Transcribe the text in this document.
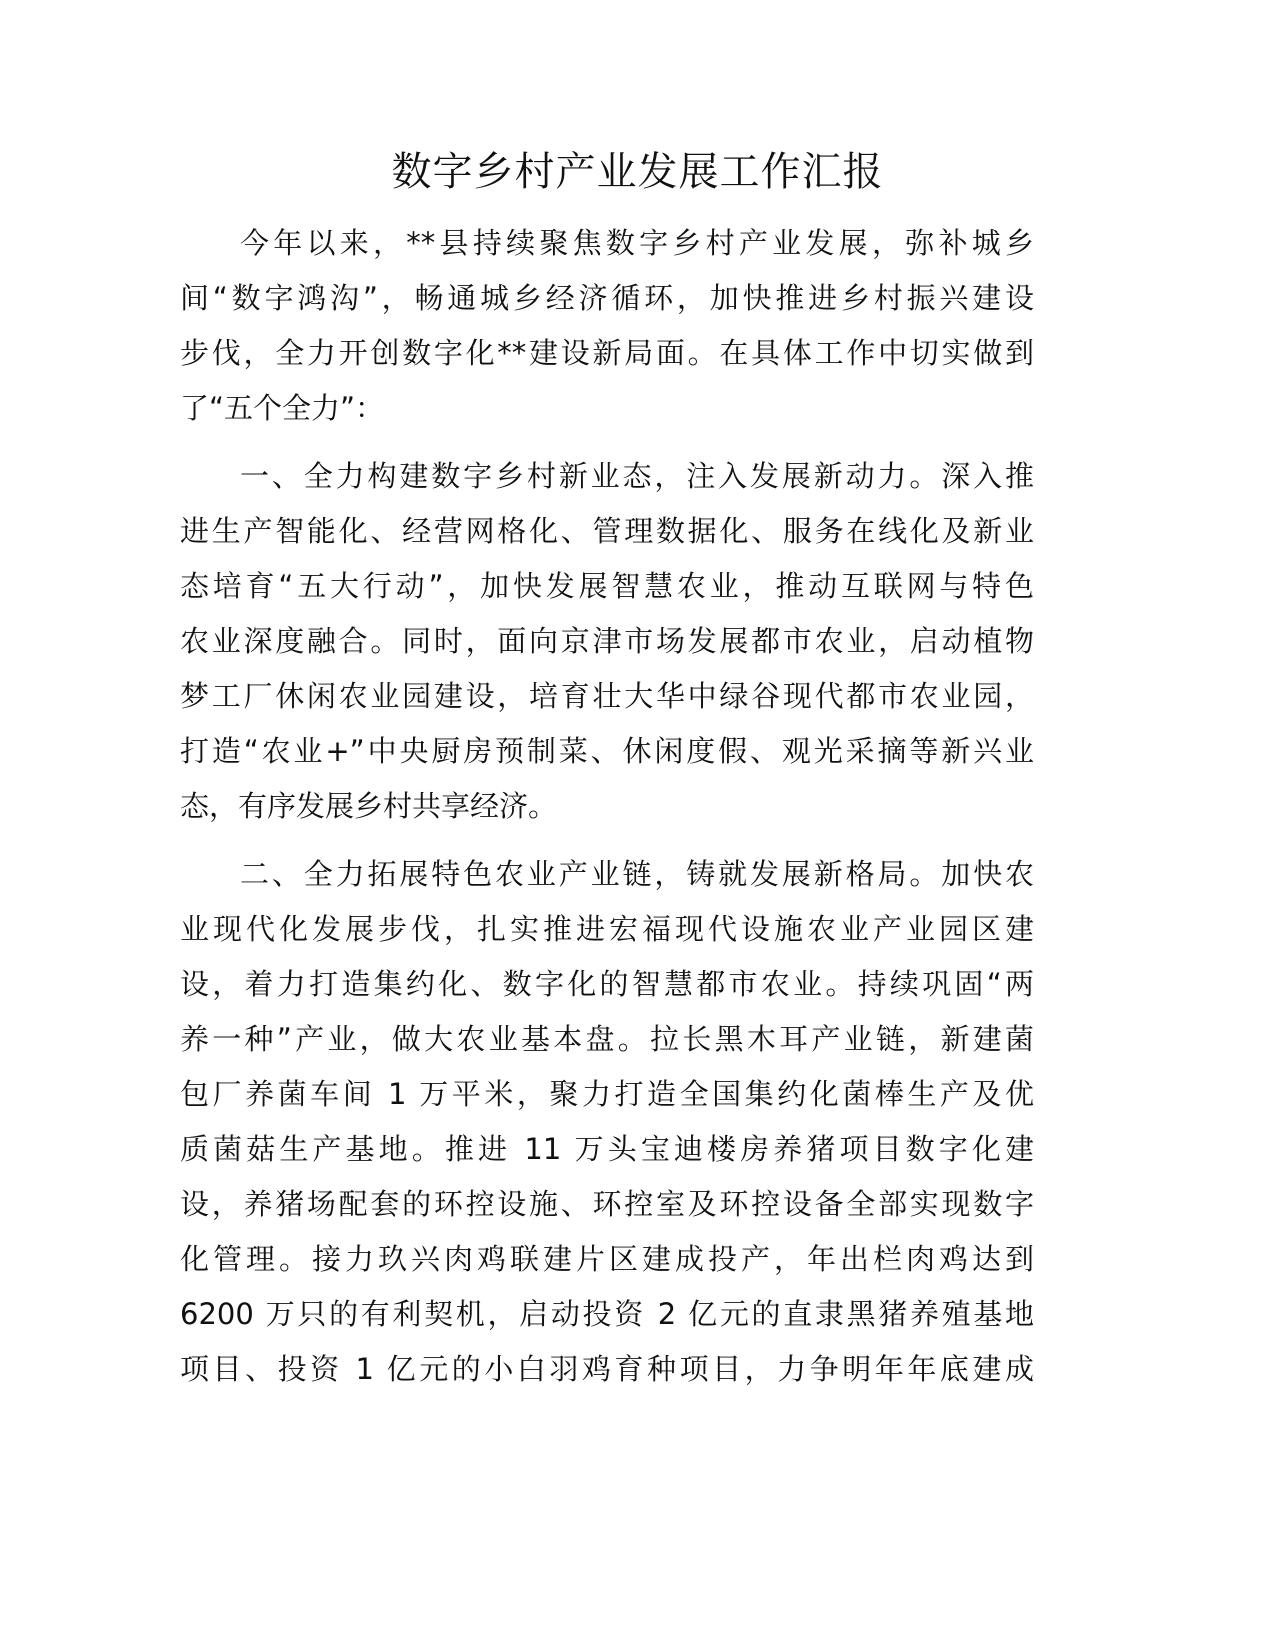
数字乡村产业发展工作汇报
今年以来，**县持续聚焦数字乡村产业发展，弥补城乡
间“数字鸿沟”，畅通城乡经济循环，加快推进乡村振兴建设
步伐，全力开创数字化**建设新局面。在具体工作中切实做到
了“五个全力”：
一、全力构建数字乡村新业态，注入发展新动力。深入推
进生产智能化、经营网格化、管理数据化、服务在线化及新业
态培育“五大行动”，加快发展智慧农业，推动互联网与特色
农业深度融合。同时，面向京津市场发展都市农业，启动植物
梦工厂休闲农业园建设，培育壮大华中绿谷现代都市农业园，
打造“农业+”中央厨房预制菜、休闲度假、观光采摘等新兴业
态，有序发展乡村共享经济。
二、全力拓展特色农业产业链，铸就发展新格局。加快农
业现代化发展步伐，扎实推进宏福现代设施农业产业园区建
设，着力打造集约化、数字化的智慧都市农业。持续巩固“两
养一种”产业，做大农业基本盘。拉长黑木耳产业链，新建菌
包厂养菌车间 1 万平米，聚力打造全国集约化菌棒生产及优
质菌菇生产基地。推进 11 万头宝迪楼房养猪项目数字化建
设，养猪场配套的环控设施、环控室及环控设备全部实现数字
化管理。接力玖兴肉鸡联建片区建成投产，年出栏肉鸡达到
6200 万只的有利契机，启动投资 2 亿元的直隶黑猪养殖基地
项目、投资 1 亿元的小白羽鸡育种项目，力争明年年底建成
